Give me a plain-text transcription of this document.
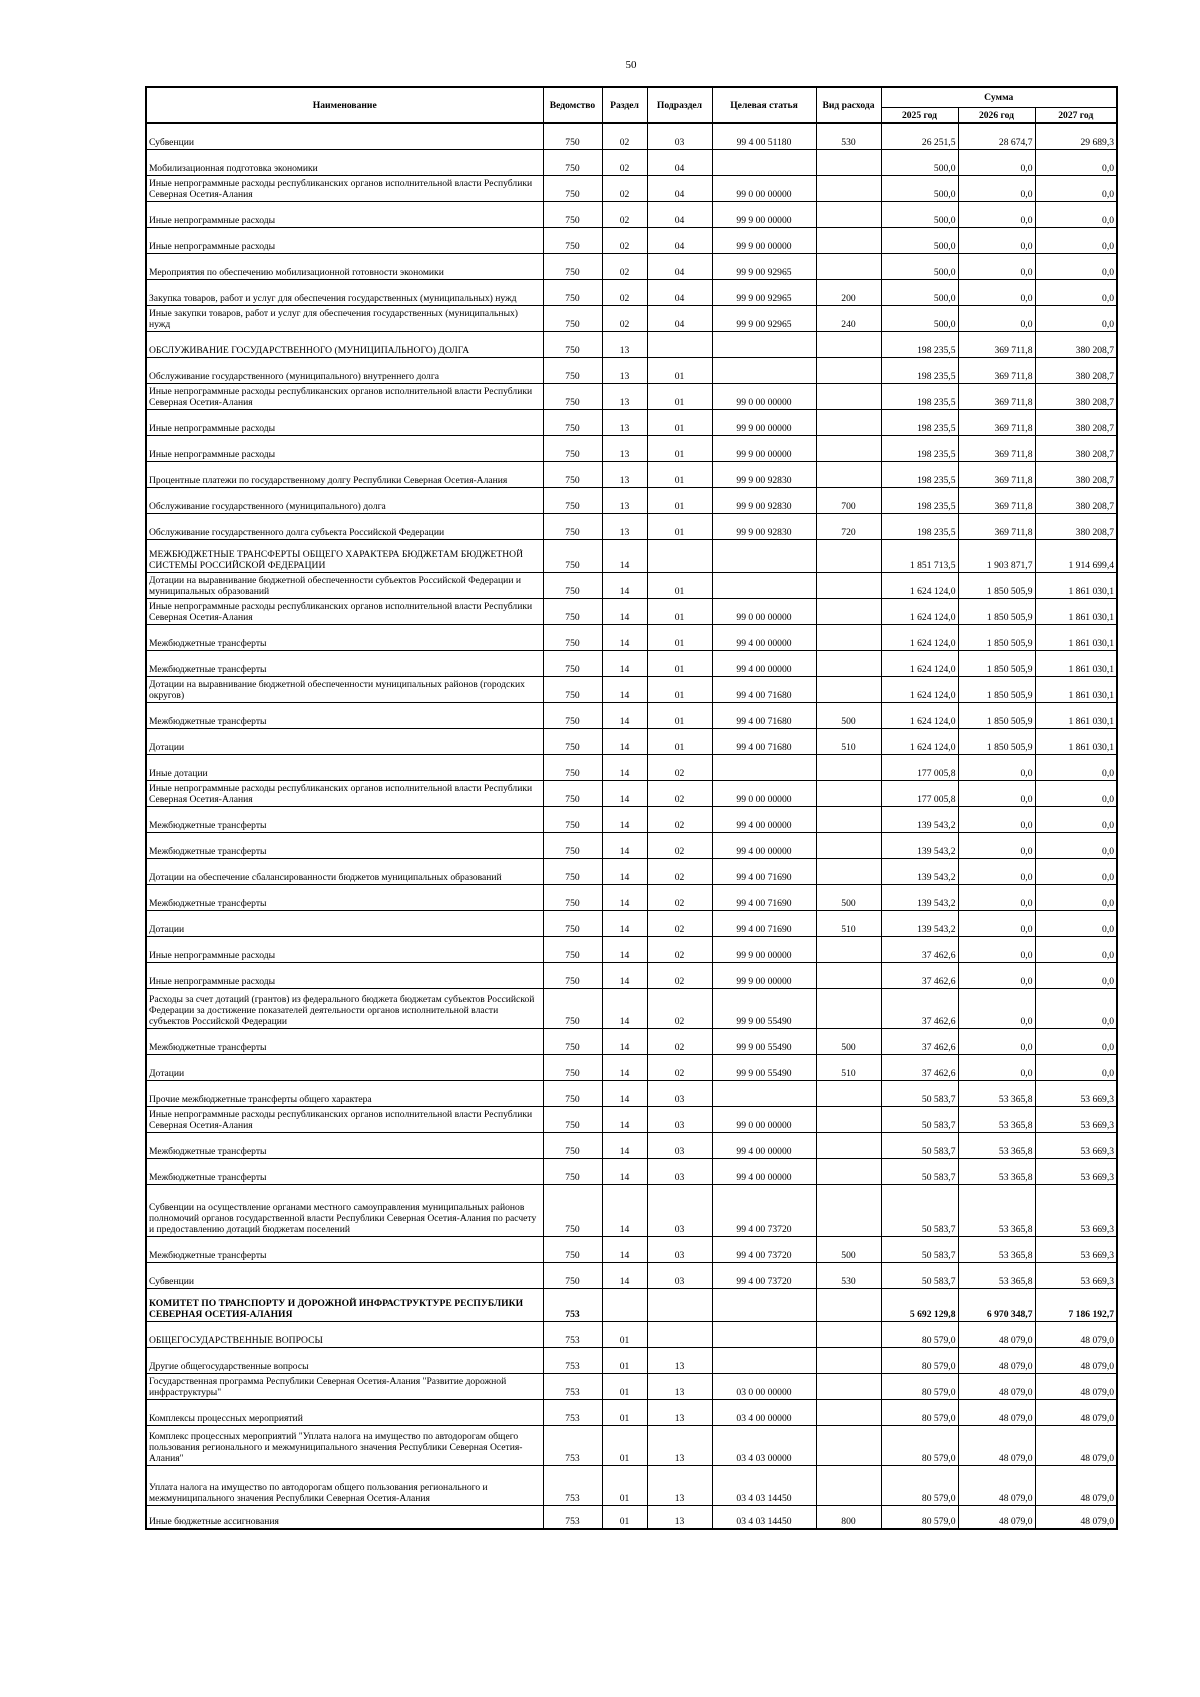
50
Наименование	Ведомство	Раздел	Подраздел	Целевая статья	Вид расхода	Сумма		
						2025 год	2026 год	2027 год
Субвенции	750	02	03	99 4 00 51180	530	26 251,5	28 674,7	29 689,3
Мобилизационная подготовка экономики	750	02	04			500,0	0,0	0,0
Иные непрограммные расходы республиканских органов исполнительной власти Республики Северная Осетия-Алания	750	02	04	99 0 00 00000		500,0	0,0	0,0
Иные непрограммные расходы	750	02	04	99 9 00 00000		500,0	0,0	0,0
Иные непрограммные расходы	750	02	04	99 9 00 00000		500,0	0,0	0,0
Мероприятия по обеспечению мобилизационной готовности экономики	750	02	04	99 9 00 92965		500,0	0,0	0,0
Закупка товаров, работ и услуг для обеспечения государственных (муниципальных) нужд	750	02	04	99 9 00 92965	200	500,0	0,0	0,0
Иные закупки товаров, работ и услуг для обеспечения государственных (муниципальных) нужд	750	02	04	99 9 00 92965	240	500,0	0,0	0,0
ОБСЛУЖИВАНИЕ ГОСУДАРСТВЕННОГО (МУНИЦИПАЛЬНОГО) ДОЛГА	750	13				198 235,5	369 711,8	380 208,7
Обслуживание государственного (муниципального) внутреннего долга	750	13	01			198 235,5	369 711,8	380 208,7
Иные непрограммные расходы республиканских органов исполнительной власти Республики Северная Осетия-Алания	750	13	01	99 0 00 00000		198 235,5	369 711,8	380 208,7
Иные непрограммные расходы	750	13	01	99 9 00 00000		198 235,5	369 711,8	380 208,7
Иные непрограммные расходы	750	13	01	99 9 00 00000		198 235,5	369 711,8	380 208,7
Процентные платежи по государственному долгу Республики Северная Осетия-Алания	750	13	01	99 9 00 92830		198 235,5	369 711,8	380 208,7
Обслуживание государственного (муниципального) долга	750	13	01	99 9 00 92830	700	198 235,5	369 711,8	380 208,7
Обслуживание государственного долга субъекта Российской Федерации	750	13	01	99 9 00 92830	720	198 235,5	369 711,8	380 208,7
МЕЖБЮДЖЕТНЫЕ ТРАНСФЕРТЫ ОБЩЕГО ХАРАКТЕРА БЮДЖЕТАМ БЮДЖЕТНОЙ СИСТЕМЫ РОССИЙСКОЙ ФЕДЕРАЦИИ	750	14				1 851 713,5	1 903 871,7	1 914 699,4
Дотации на выравнивание бюджетной обеспеченности субъектов Российской Федерации и муниципальных образований	750	14	01			1 624 124,0	1 850 505,9	1 861 030,1
Иные непрограммные расходы республиканских органов исполнительной власти Республики Северная Осетия-Алания	750	14	01	99 0 00 00000		1 624 124,0	1 850 505,9	1 861 030,1
Межбюджетные трансферты	750	14	01	99 4 00 00000		1 624 124,0	1 850 505,9	1 861 030,1
Межбюджетные трансферты	750	14	01	99 4 00 00000		1 624 124,0	1 850 505,9	1 861 030,1
Дотации на выравнивание бюджетной обеспеченности муниципальных районов (городских округов)	750	14	01	99 4 00 71680		1 624 124,0	1 850 505,9	1 861 030,1
Межбюджетные трансферты	750	14	01	99 4 00 71680	500	1 624 124,0	1 850 505,9	1 861 030,1
Дотации	750	14	01	99 4 00 71680	510	1 624 124,0	1 850 505,9	1 861 030,1
Иные дотации	750	14	02			177 005,8	0,0	0,0
Иные непрограммные расходы республиканских органов исполнительной власти Республики Северная Осетия-Алания	750	14	02	99 0 00 00000		177 005,8	0,0	0,0
Межбюджетные трансферты	750	14	02	99 4 00 00000		139 543,2	0,0	0,0
Межбюджетные трансферты	750	14	02	99 4 00 00000		139 543,2	0,0	0,0
Дотации на обеспечение сбалансированности бюджетов муниципальных образований	750	14	02	99 4 00 71690		139 543,2	0,0	0,0
Межбюджетные трансферты	750	14	02	99 4 00 71690	500	139 543,2	0,0	0,0
Дотации	750	14	02	99 4 00 71690	510	139 543,2	0,0	0,0
Иные непрограммные расходы	750	14	02	99 9 00 00000		37 462,6	0,0	0,0
Иные непрограммные расходы	750	14	02	99 9 00 00000		37 462,6	0,0	0,0
Расходы за счет дотаций (грантов) из федерального бюджета бюджетам субъектов Российской Федерации за достижение показателей деятельности органов исполнительной власти субъектов Российской Федерации	750	14	02	99 9 00 55490		37 462,6	0,0	0,0
Межбюджетные трансферты	750	14	02	99 9 00 55490	500	37 462,6	0,0	0,0
Дотации	750	14	02	99 9 00 55490	510	37 462,6	0,0	0,0
Прочие межбюджетные трансферты общего характера	750	14	03			50 583,7	53 365,8	53 669,3
Иные непрограммные расходы республиканских органов исполнительной власти Республики Северная Осетия-Алания	750	14	03	99 0 00 00000		50 583,7	53 365,8	53 669,3
Межбюджетные трансферты	750	14	03	99 4 00 00000		50 583,7	53 365,8	53 669,3
Межбюджетные трансферты	750	14	03	99 4 00 00000		50 583,7	53 365,8	53 669,3
Субвенции на осуществление органами местного самоуправления муниципальных районов полномочий органов государственной власти Республики Северная Осетия-Алания по расчету и предоставлению дотаций бюджетам поселений	750	14	03	99 4 00 73720		50 583,7	53 365,8	53 669,3
Межбюджетные трансферты	750	14	03	99 4 00 73720	500	50 583,7	53 365,8	53 669,3
Субвенции	750	14	03	99 4 00 73720	530	50 583,7	53 365,8	53 669,3
КОМИТЕТ ПО ТРАНСПОРТУ И ДОРОЖНОЙ ИНФРАСТРУКТУРЕ РЕСПУБЛИКИ СЕВЕРНАЯ ОСЕТИЯ-АЛАНИЯ	753					5 692 129,8	6 970 348,7	7 186 192,7
ОБЩЕГОСУДАРСТВЕННЫЕ ВОПРОСЫ	753	01				80 579,0	48 079,0	48 079,0
Другие общегосударственные вопросы	753	01	13			80 579,0	48 079,0	48 079,0
Государственная программа Республики Северная Осетия-Алания "Развитие дорожной инфраструктуры"	753	01	13	03 0 00 00000		80 579,0	48 079,0	48 079,0
Комплексы процессных мероприятий	753	01	13	03 4 00 00000		80 579,0	48 079,0	48 079,0
Комплекс процессных мероприятий "Уплата налога на имущество по автодорогам общего пользования регионального и межмуниципального значения Республики Северная Осетия-Алания"	753	01	13	03 4 03 00000		80 579,0	48 079,0	48 079,0
Уплата налога на имущество по автодорогам общего пользования регионального и межмуниципального значения Республики Северная Осетия-Алания	753	01	13	03 4 03 14450		80 579,0	48 079,0	48 079,0
Иные бюджетные ассигнования	753	01	13	03 4 03 14450	800	80 579,0	48 079,0	48 079,0
